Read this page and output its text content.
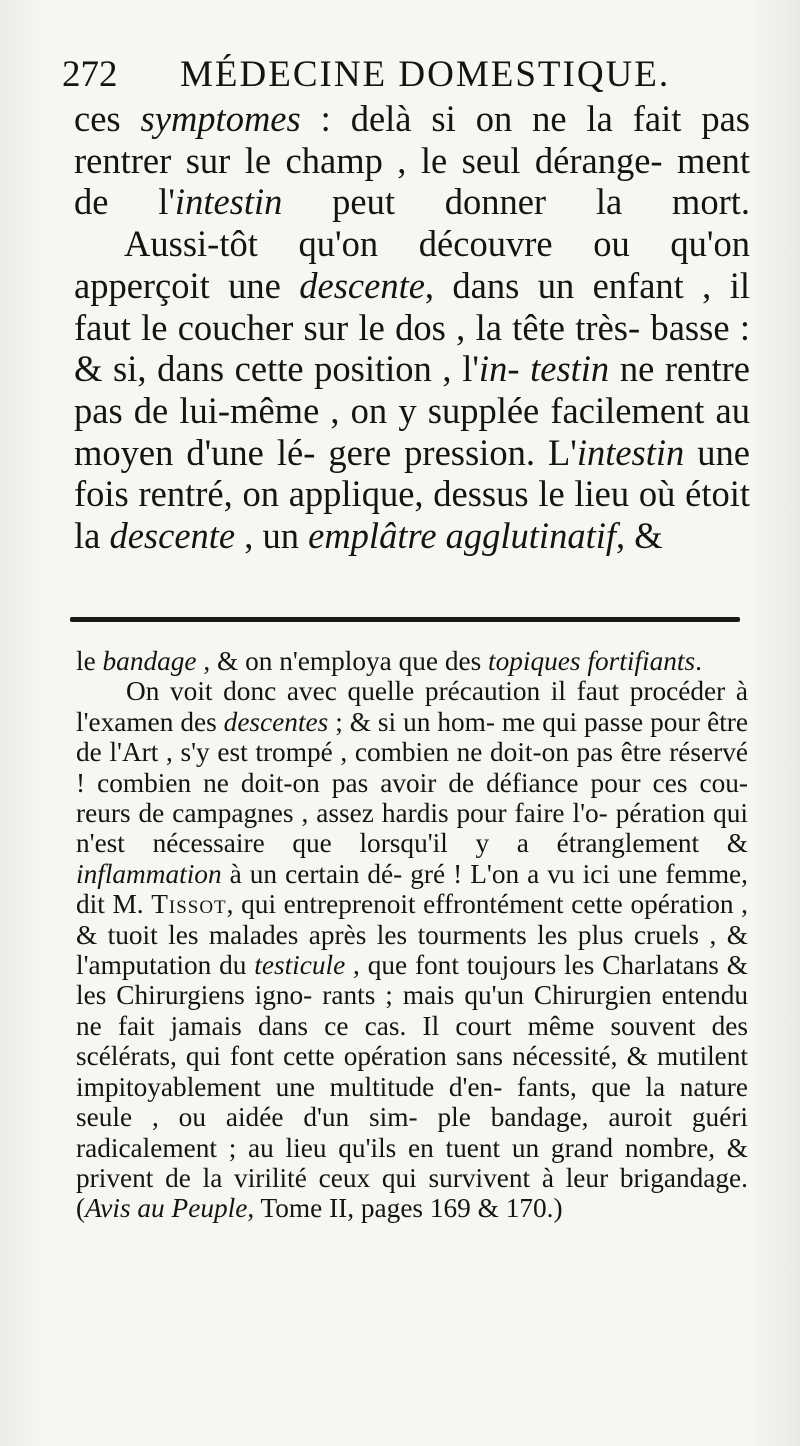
272 MÉDECINE DOMESTIQUE.

ces symptomes : delà si on ne la fait pas rentrer sur le champ , le seul dérange- ment de l'intestin peut donner la mort.

Aussi-tôt qu'on découvre ou qu'on apperçoit une descente, dans un enfant , il faut le coucher sur le dos , la tête très- basse : & si, dans cette position , l'in- testin ne rentre pas de lui-même , on y supplée facilement au moyen d'une lé- gere pression. L'intestin une fois rentré, on applique, dessus le lieu où étoit la descente , un emplâtre agglutinatif, &

le bandage , & on n'employa que des topiques fortifiants.

On voit donc avec quelle précaution il faut procéder à l'examen des descentes ; & si un hom- me qui passe pour être de l'Art , s'y est trompé , combien ne doit-on pas être réservé ! combien ne doit-on pas avoir de défiance pour ces cou- reurs de campagnes , assez hardis pour faire l'o- pération qui n'est nécessaire que lorsqu'il y a étranglement & inflammation à un certain dé- gré ! L'on a vu ici une femme, dit M. Tissot, qui entreprenoit effrontément cette opération , & tuoit les malades après les tourments les plus cruels , & l'amputation du testicule , que font toujours les Charlatans & les Chirurgiens igno- rants ; mais qu'un Chirurgien entendu ne fait jamais dans ce cas. Il court même souvent des scélérats, qui font cette opération sans nécessité, & mutilent impitoyablement une multitude d'en- fants, que la nature seule , ou aidée d'un sim- ple bandage, auroit guéri radicalement ; au lieu qu'ils en tuent un grand nombre, & privent de la virilité ceux qui survivent à leur brigandage. (Avis au Peuple, Tome II, pages 169 & 170.)
